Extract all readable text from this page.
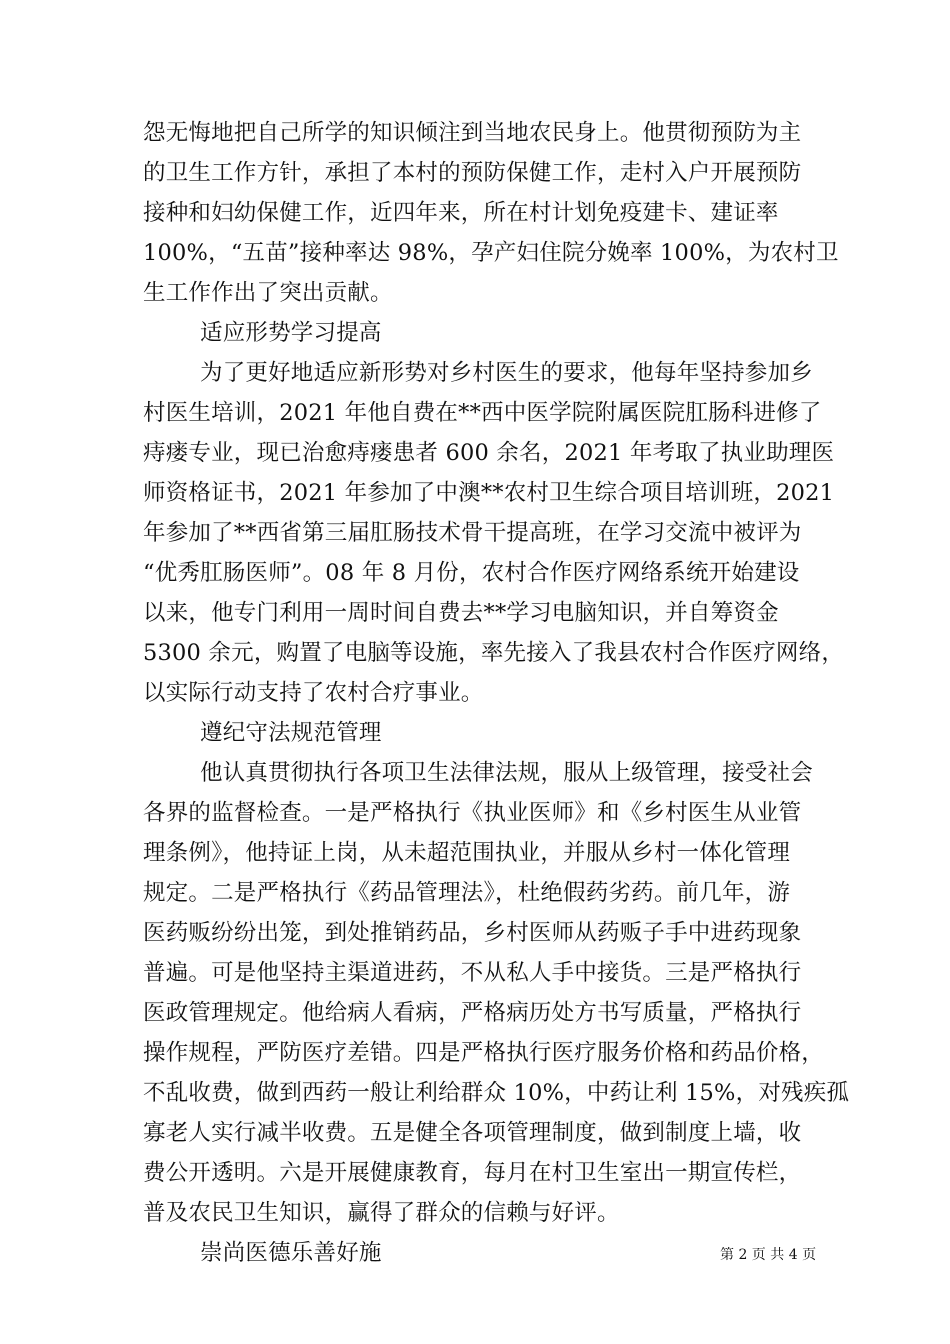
怨无悔地把自己所学的知识倾注到当地农民身上。他贯彻预防为主
的卫生工作方针，承担了本村的预防保健工作，走村入户开展预防
接种和妇幼保健工作，近四年来，所在村计划免疫建卡、建证率
100%，“五苗”接种率达 98%，孕产妇住院分娩率 100%，为农村卫
生工作作出了突出贡献。
适应形势学习提高
为了更好地适应新形势对乡村医生的要求，他每年坚持参加乡
村医生培训，2021 年他自费在**西中医学院附属医院肛肠科进修了
痔瘘专业，现已治愈痔瘘患者 600 余名，2021 年考取了执业助理医
师资格证书，2021 年参加了中澳**农村卫生综合项目培训班，2021
年参加了**西省第三届肛肠技术骨干提高班，在学习交流中被评为
“优秀肛肠医师”。08 年 8 月份，农村合作医疗网络系统开始建设
以来，他专门利用一周时间自费去**学习电脑知识，并自筹资金
5300 余元，购置了电脑等设施，率先接入了我县农村合作医疗网络，
以实际行动支持了农村合疗事业。
遵纪守法规范管理
他认真贯彻执行各项卫生法律法规，服从上级管理，接受社会
各界的监督检查。一是严格执行《执业医师》和《乡村医生从业管
理条例》，他持证上岗，从未超范围执业，并服从乡村一体化管理
规定。二是严格执行《药品管理法》，杜绝假药劣药。前几年，游
医药贩纷纷出笼，到处推销药品，乡村医师从药贩子手中进药现象
普遍。可是他坚持主渠道进药，不从私人手中接货。三是严格执行
医政管理规定。他给病人看病，严格病历处方书写质量，严格执行
操作规程，严防医疗差错。四是严格执行医疗服务价格和药品价格，
不乱收费，做到西药一般让利给群众 10%，中药让利 15%，对残疾孤
寡老人实行减半收费。五是健全各项管理制度，做到制度上墙，收
费公开透明。六是开展健康教育，每月在村卫生室出一期宣传栏，
普及农民卫生知识，赢得了群众的信赖与好评。
崇尚医德乐善好施	第 2 页 共 4 页
